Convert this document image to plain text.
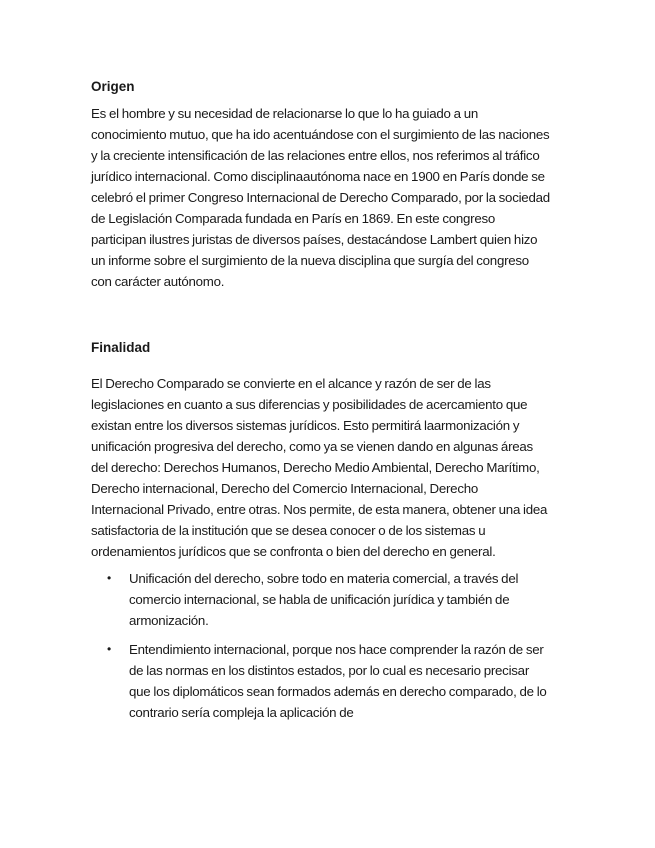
Origen

Es el hombre y su necesidad de relacionarse lo que lo ha guiado a un conocimiento mutuo, que ha ido acentuándose con el surgimiento de las naciones y la creciente intensificación de las relaciones entre ellos, nos referimos al tráfico jurídico internacional. Como disciplinaautónoma nace en 1900 en París donde se celebró el primer Congreso Internacional de Derecho Comparado, por la sociedad de Legislación Comparada fundada en París en 1869. En este congreso participan ilustres juristas de diversos países, destacándose Lambert quien hizo un informe sobre el surgimiento de la nueva disciplina que surgía del congreso con carácter autónomo.

Finalidad

El Derecho Comparado se convierte en el alcance y razón de ser de las legislaciones en cuanto a sus diferencias y posibilidades de acercamiento que existan entre los diversos sistemas jurídicos. Esto permitirá laarmonización y unificación progresiva del derecho, como ya se vienen dando en algunas áreas del derecho: Derechos Humanos, Derecho Medio Ambiental, Derecho Marítimo, Derecho internacional, Derecho del Comercio Internacional, Derecho Internacional Privado, entre otras. Nos permite, de esta manera, obtener una idea satisfactoria de la institución que se desea conocer o de los sistemas u ordenamientos jurídicos que se confronta o bien del derecho en general.

• Unificación del derecho, sobre todo en materia comercial, a través del comercio internacional, se habla de unificación jurídica y también de armonización.
• Entendimiento internacional, porque nos hace comprender la razón de ser de las normas en los distintos estados, por lo cual es necesario precisar que los diplomáticos sean formados además en derecho comparado, de lo contrario sería compleja la aplicación de
